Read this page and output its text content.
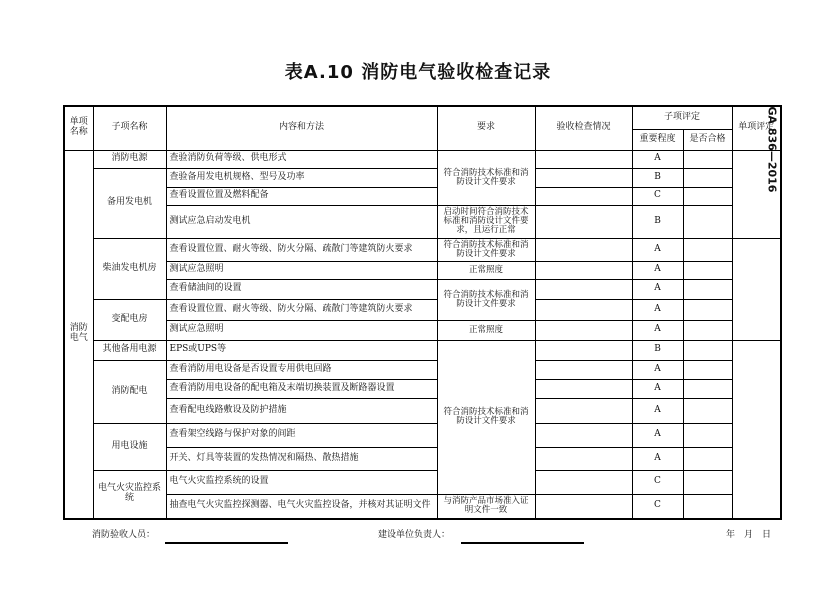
表A.10 消防电气验收检查记录
GA 836—2016
单项名称	子项名称	内容和方法	要求	验收检查情况	子项评定		单项评定
					重要程度	是否合格	
消防电气	消防电源	查验消防负荷等级、供电形式	符合消防技术标准和消防设计文件要求		A		
	备用发电机	查验备用发电机规格、型号及功率			B		
		查看设置位置及燃料配备			C		
		测试应急启动发电机	启动时间符合消防技术标准和消防设计文件要求，且运行正常		B		
	柴油发电机房	查看设置位置、耐火等级、防火分隔、疏散门等建筑防火要求	符合消防技术标准和消防设计文件要求		A		
		测试应急照明	正常照度		A		
		查看储油间的设置	符合消防技术标准和消防设计文件要求		A		
	变配电房	查看设置位置、耐火等级、防火分隔、疏散门等建筑防火要求			A		
		测试应急照明	正常照度		A		
	其他备用电源	EPS或UPS等	符合消防技术标准和消防设计文件要求		B		
	消防配电	查看消防用电设备是否设置专用供电回路			A		
		查看消防用电设备的配电箱及末端切换装置及断路器设置			A		
		查看配电线路敷设及防护措施			A		
	用电设施	查看架空线路与保护对象的间距			A		
		开关、灯具等装置的发热情况和隔热、散热措施			A		
	电气火灾监控系统	电气火灾监控系统的设置			C		
		抽查电气火灾监控探测器、电气火灾监控设备，并核对其证明文件	与消防产品市场准入证明文件一致		C		
消防验收人员：	建设单位负责人：	年　月　日
